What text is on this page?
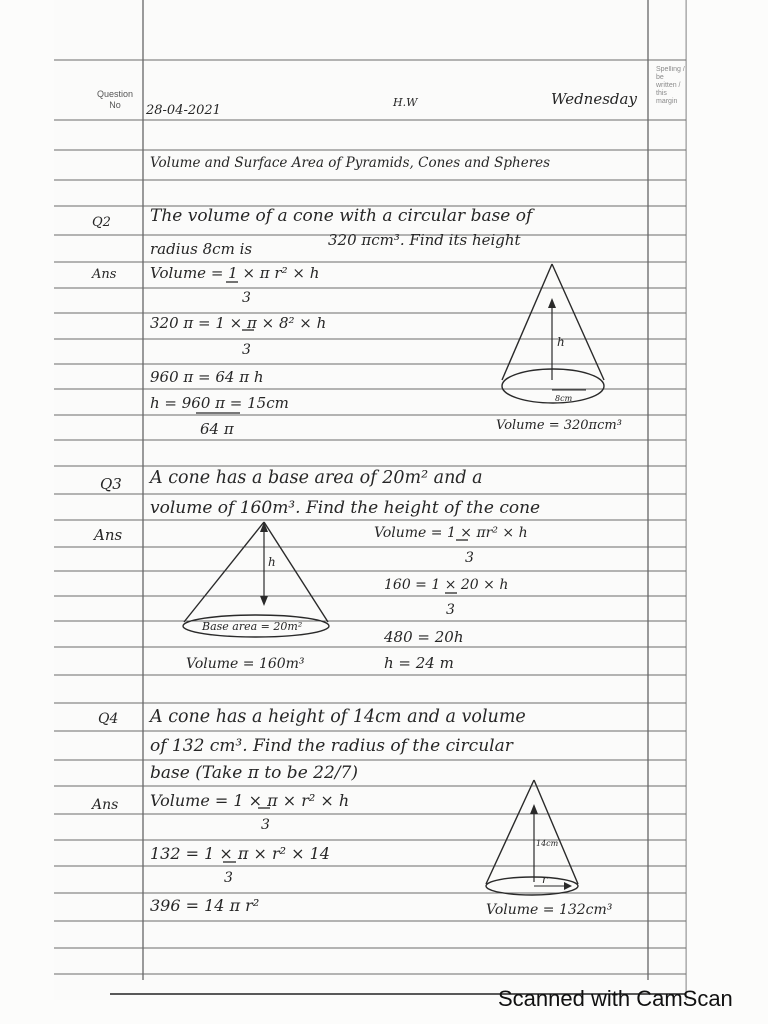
Question
No	28-04-2021
H.W	Wednesday
Spelling / be written / this margin
Volume and Surface Area of Pyramids, Cones and Spheres
Q2 The volume of a cone with a circular base of
radius 8cm is	320 πcm³. Find its height
Ans Volume = 1 × π r² × h
3
320 π = 1 × π × 8² × h
3
960 π = 64 π h
h = 960 π = 15cm
64 π
h
8cm
Volume = 320πcm³
Q3 A cone has a base area of 20m² and a
volume of 160m³. Find the height of the cone
Ans	Volume = 1 × πr² × h
3
160 = 1 × 20 × h
3
480 = 20h
h = 24 m
h
Base area = 20m²
Volume = 160m³
Q4 A cone has a height of 14cm and a volume
of 132 cm³. Find the radius of the circular
base (Take π to be 22/7)
Ans Volume = 1 × π × r² × h
3
132 = 1 × π × r² × 14
3
396 = 14 π r²
14cm
r
Volume = 132cm³
Scanned with CamScan
